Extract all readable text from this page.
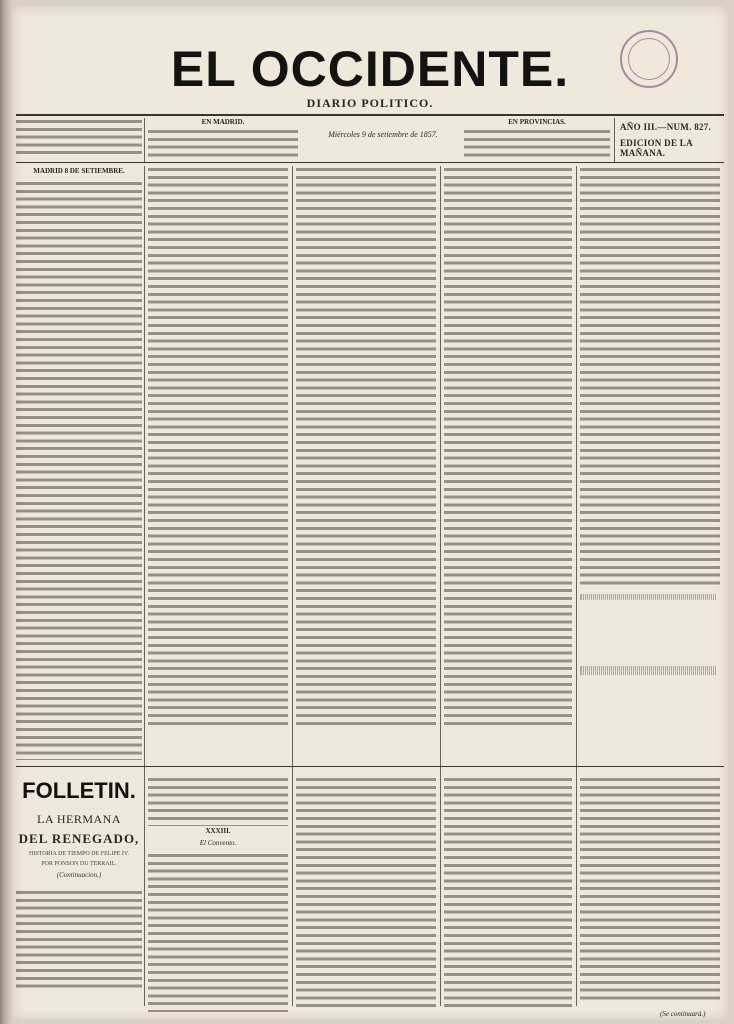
EL OCCIDENTE.
DIARIO POLITICO.
EN MADRID.
Miércoles 9 de setiembre de 1857.
EN PROVINCIAS.	AÑO III.—NUM. 827.
EDICION DE LA MAÑANA.
MADRID 8 DE SETIEMBRE.
FOLLETIN.
LA HERMANA
DEL RENEGADO,
HISTORIA DE TIEMPO DE FELIPE IV.
POR PONSON DU TERRAIL.
(Continuacion.)
XXXIII.
El Convento.
(Se continuará.)
